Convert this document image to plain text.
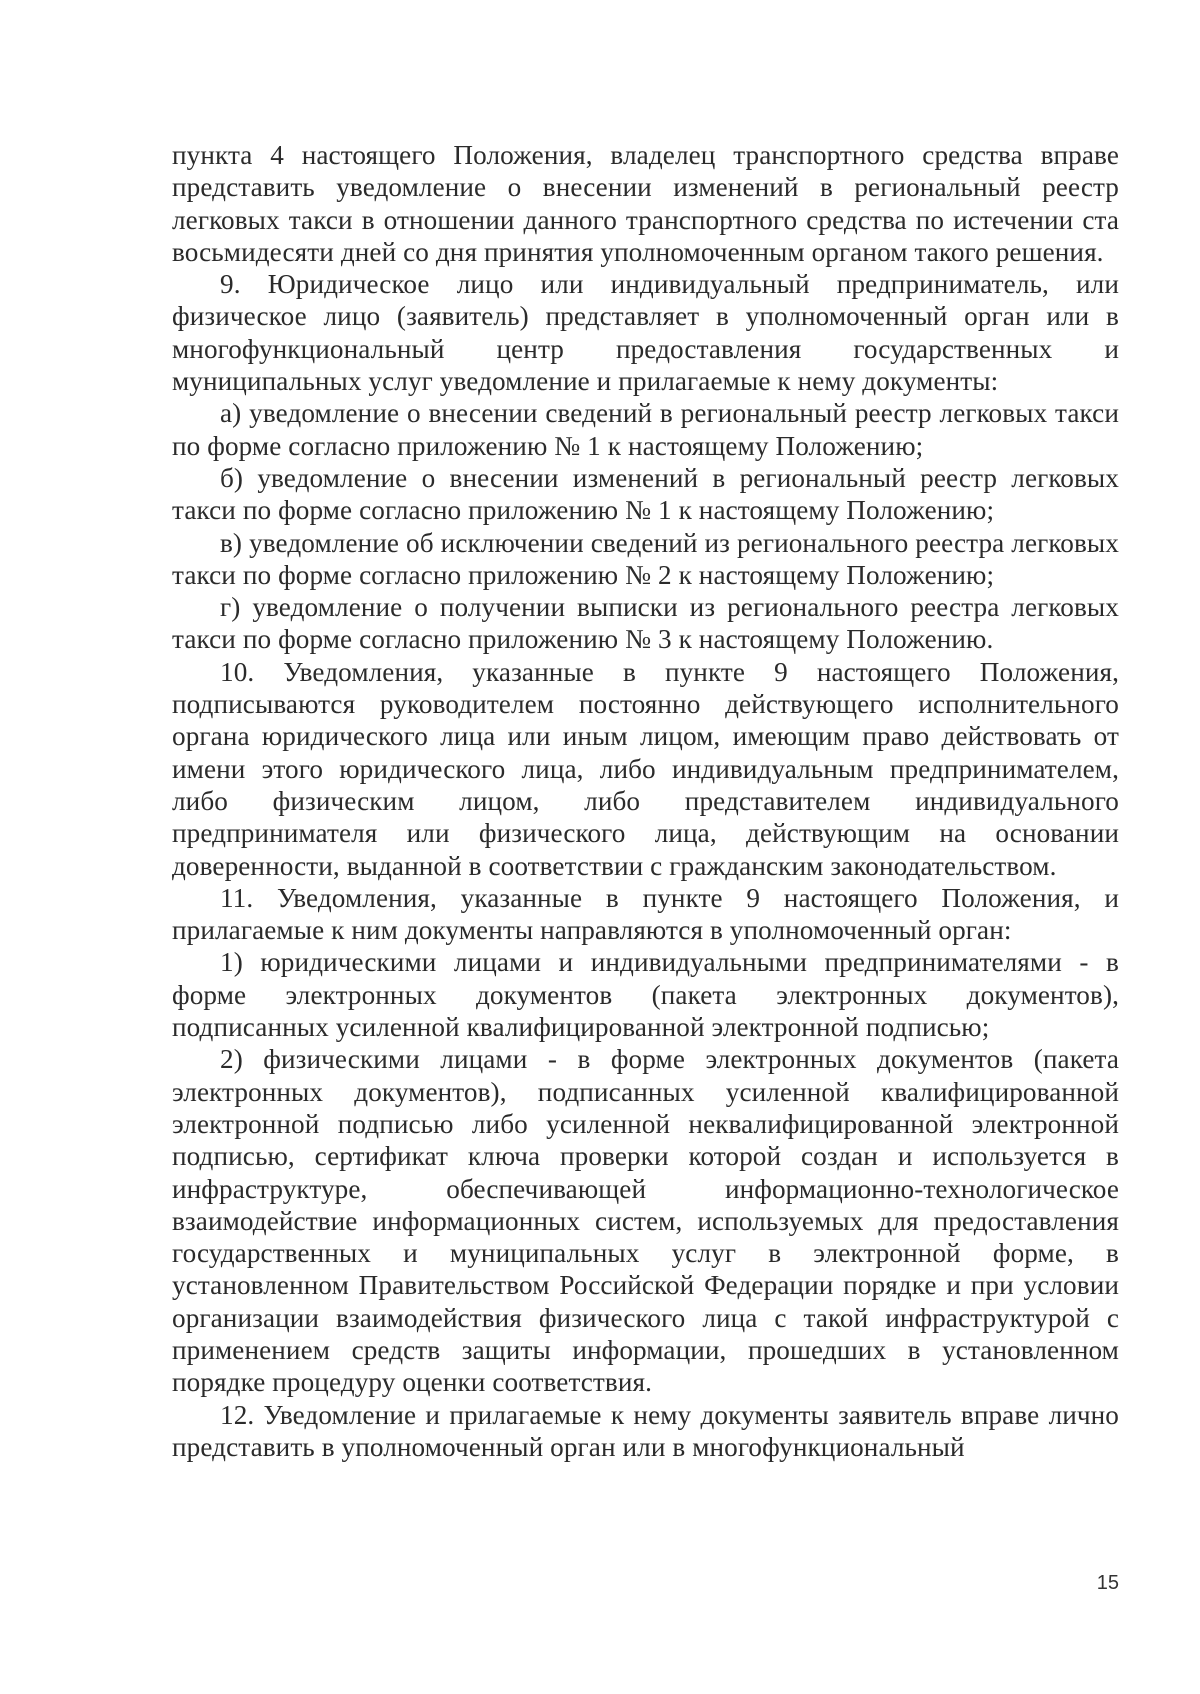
пункта 4 настоящего Положения, владелец транспортного средства вправе представить уведомление о внесении изменений в региональный реестр легковых такси в отношении данного транспортного средства по истечении ста восьмидесяти дней со дня принятия уполномоченным органом такого решения.

9. Юридическое лицо или индивидуальный предприниматель, или физическое лицо (заявитель) представляет в уполномоченный орган или в многофункциональный центр предоставления государственных и муниципальных услуг уведомление и прилагаемые к нему документы:

а) уведомление о внесении сведений в региональный реестр легковых такси по форме согласно приложению № 1 к настоящему Положению;

б) уведомление о внесении изменений в региональный реестр легковых такси по форме согласно приложению № 1 к настоящему Положению;

в) уведомление об исключении сведений из регионального реестра легковых такси по форме согласно приложению № 2 к настоящему Положению;

г) уведомление о получении выписки из регионального реестра легковых такси по форме согласно приложению № 3 к настоящему Положению.

10. Уведомления, указанные в пункте 9 настоящего Положения, подписываются руководителем постоянно действующего исполнительного органа юридического лица или иным лицом, имеющим право действовать от имени этого юридического лица, либо индивидуальным предпринимателем, либо физическим лицом, либо представителем индивидуального предпринимателя или физического лица, действующим на основании доверенности, выданной в соответствии с гражданским законодательством.

11. Уведомления, указанные в пункте 9 настоящего Положения, и прилагаемые к ним документы направляются в уполномоченный орган:

1) юридическими лицами и индивидуальными предпринимателями - в форме электронных документов (пакета электронных документов), подписанных усиленной квалифицированной электронной подписью;

2) физическими лицами - в форме электронных документов (пакета электронных документов), подписанных усиленной квалифицированной электронной подписью либо усиленной неквалифицированной электронной подписью, сертификат ключа проверки которой создан и используется в инфраструктуре, обеспечивающей информационно-технологическое взаимодействие информационных систем, используемых для предоставления государственных и муниципальных услуг в электронной форме, в установленном Правительством Российской Федерации порядке и при условии организации взаимодействия физического лица с такой инфраструктурой с применением средств защиты информации, прошедших в установленном порядке процедуру оценки соответствия.

12. Уведомление и прилагаемые к нему документы заявитель вправе лично представить в уполномоченный орган или в многофункциональный

15
